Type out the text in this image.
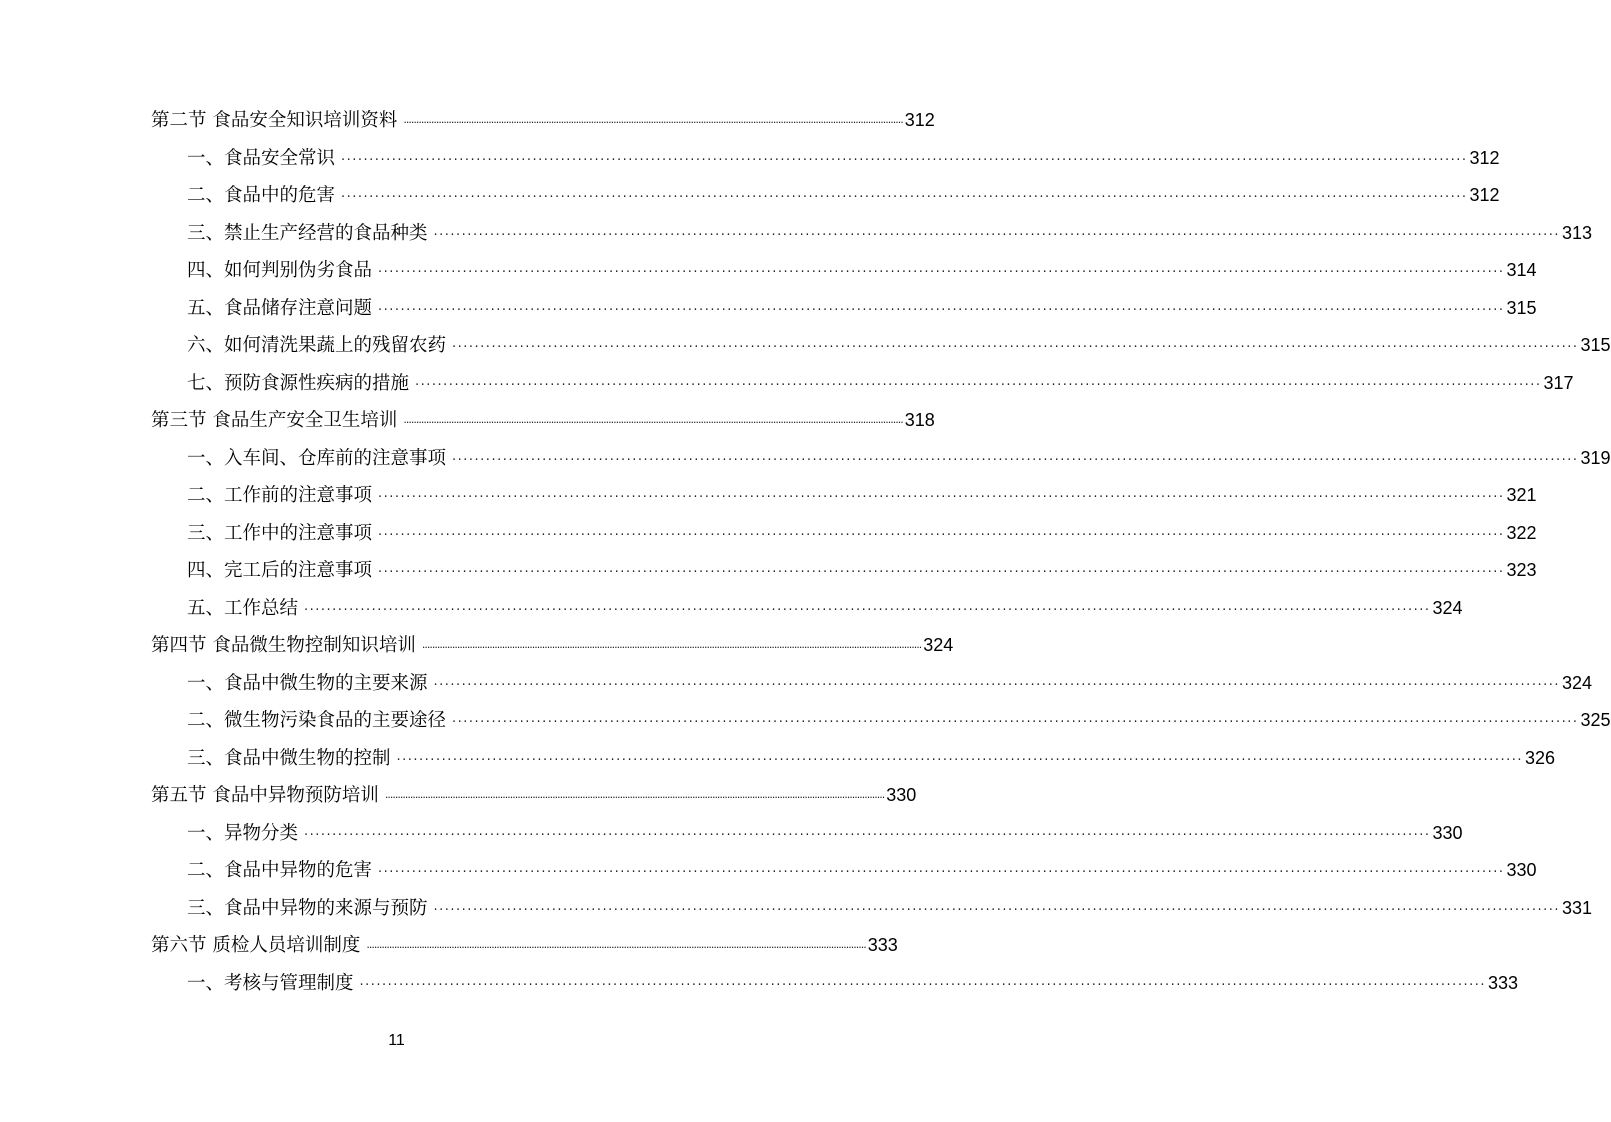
第二节 食品安全知识培训资料 ········································································································································································································ 312
一、食品安全常识 ········································································································································································································ 312
二、食品中的危害 ········································································································································································································ 312
三、禁止生产经营的食品种类 ········································································································································································································ 313
四、如何判别伪劣食品 ········································································································································································································ 314
五、食品储存注意问题 ········································································································································································································ 315
六、如何清洗果蔬上的残留农药 ········································································································································································································ 315
七、预防食源性疾病的措施 ········································································································································································································ 317
第三节 食品生产安全卫生培训 ········································································································································································································ 318
一、入车间、仓库前的注意事项 ········································································································································································································ 319
二、工作前的注意事项 ········································································································································································································ 321
三、工作中的注意事项 ········································································································································································································ 322
四、完工后的注意事项 ········································································································································································································ 323
五、工作总结 ········································································································································································································ 324
第四节 食品微生物控制知识培训 ········································································································································································································ 324
一、食品中微生物的主要来源 ········································································································································································································ 324
二、微生物污染食品的主要途径 ········································································································································································································ 325
三、食品中微生物的控制 ········································································································································································································ 326
第五节 食品中异物预防培训 ········································································································································································································ 330
一、异物分类 ········································································································································································································ 330
二、食品中异物的危害 ········································································································································································································ 330
三、食品中异物的来源与预防 ········································································································································································································ 331
第六节 质检人员培训制度 ········································································································································································································ 333
一、考核与管理制度 ········································································································································································································ 333
11
